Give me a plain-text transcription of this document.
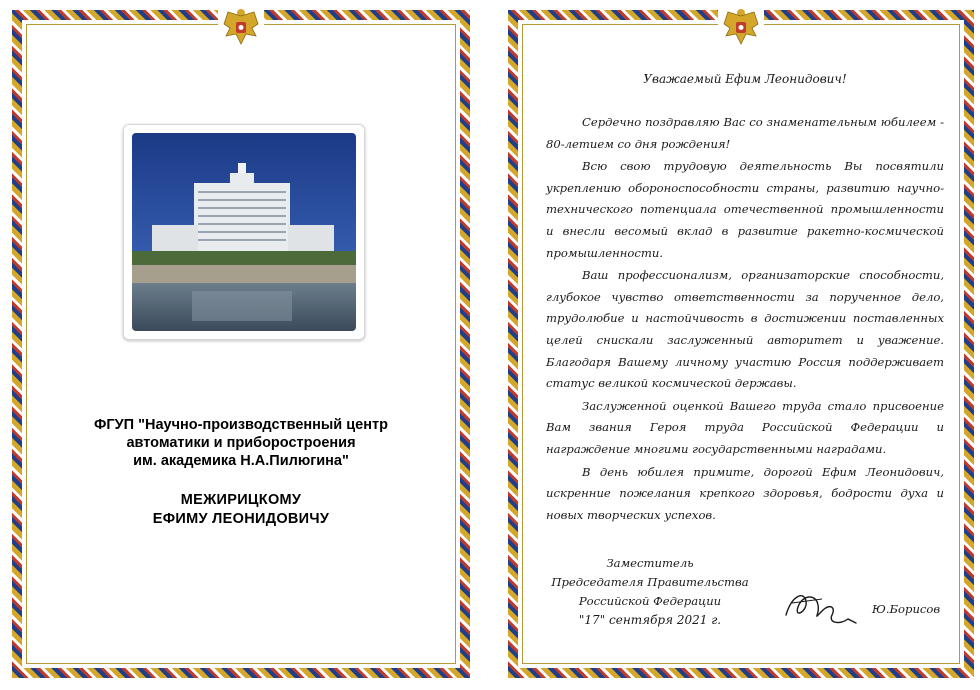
ФГУП "Научно-производственный центр
автоматики и приборостроения
им. академика Н.А.Пилюгина"
МЕЖИРИЦКОМУ
ЕФИМУ ЛЕОНИДОВИЧУ

Уважаемый Ефим Леонидович!

Сердечно поздравляю Вас со знаменательным юбилеем - 80-летием со дня рождения!

Всю свою трудовую деятельность Вы посвятили укреплению обороноспособности страны, развитию научно-технического потенциала отечественной промышленности и внесли весомый вклад в развитие ракетно-космической промышленности.

Ваш профессионализм, организаторские способности, глубокое чувство ответственности за порученное дело, трудолюбие и настойчивость в достижении поставленных целей снискали заслуженный авторитет и уважение. Благодаря Вашему личному участию Россия поддерживает статус великой космической державы.

Заслуженной оценкой Вашего труда стало присвоение Вам звания Героя труда Российской Федерации и награждение многими государственными наградами.

В день юбилея примите, дорогой Ефим Леонидович, искренние пожелания крепкого здоровья, бодрости духа и новых творческих успехов.

Заместитель
Председателя Правительства
Российской Федерации
"17" сентября 2021 г.
Ю.Борисов
